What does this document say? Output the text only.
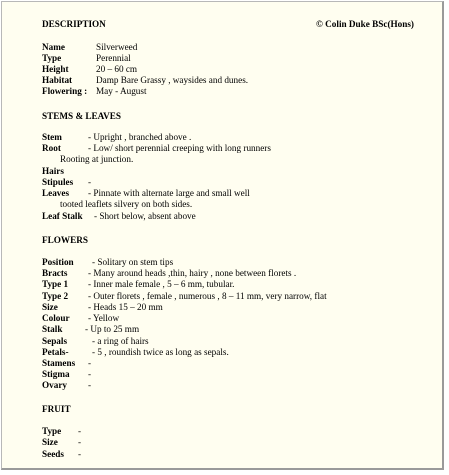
DESCRIPTION	© Colin Duke BSc(Hons)
Name	Silverweed
Type	Perennial
Height	20 – 60 cm
Habitat	Damp Bare Grassy , waysides and dunes.
Flowering : May - August
STEMS & LEAVES
Stem	- Upright , branched above .
Root	- Low/ short perennial creeping with long runners
Rooting at junction.
Hairs
Stipules -
Leaves - Pinnate with alternate large and small well
tooted leaflets silvery on both sides.
Leaf Stalk - Short below, absent above
FLOWERS
Position - Solitary on stem tips
Bracts - Many around heads ,thin, hairy , none between florets .
Type 1 - Inner male female , 5 – 6 mm, tubular.
Type 2 - Outer florets , female , numerous , 8 – 11 mm, very narrow, flat
Size	- Heads 15 – 20 mm
Colour - Yellow
Stalk - Up to 25 mm
Sepals	- a ring of hairs
Petals-	- 5 , roundish twice as long as sepals.
Stamens -
Stigma -
Ovary -
FRUIT
Type -
Size -
Seeds -
